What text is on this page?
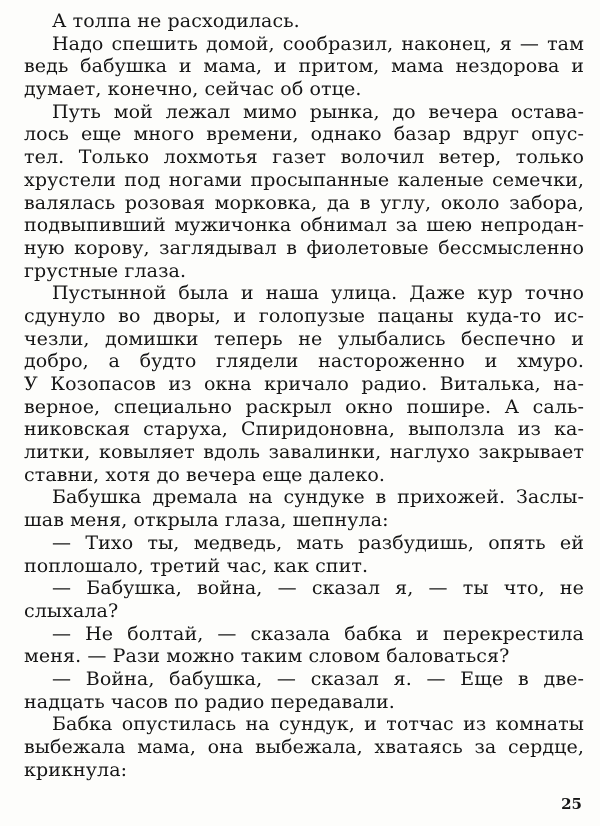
А толпа не расходилась.
Надо спешить домой, сообразил, наконец, я — там
ведь бабушка и мама, и притом, мама нездорова и
думает, конечно, сейчас об отце.
Путь мой лежал мимо рынка, до вечера остава-
лось еще много времени, однако базар вдруг опус-
тел. Только лохмотья газет волочил ветер, только
хрустели под ногами просыпанные каленые семечки,
валялась розовая морковка, да в углу, около забора,
подвыпивший мужичонка обнимал за шею непродан-
ную корову, заглядывал в фиолетовые бессмысленно
грустные глаза.
Пустынной была и наша улица. Даже кур точно
сдунуло во дворы, и голопузые пацаны куда-то ис-
чезли, домишки теперь не улыбались беспечно и
добро, а будто глядели настороженно и хмуро.
У Козопасов из окна кричало радио. Виталька, на-
верное, специально раскрыл окно пошире. А саль-
никовская старуха, Спиридоновна, выползла из ка-
литки, ковыляет вдоль завалинки, наглухо закрывает
ставни, хотя до вечера еще далеко.
Бабушка дремала на сундуке в прихожей. Заслы-
шав меня, открыла глаза, шепнула:
— Тихо ты, медведь, мать разбудишь, опять ей
поплошало, третий час, как спит.
— Бабушка, война, — сказал я, — ты что, не
слыхала?
— Не болтай, — сказала бабка и перекрестила
меня. — Рази можно таким словом баловаться?
— Война, бабушка, — сказал я. — Еще в две-
надцать часов по радио передавали.
Бабка опустилась на сундук, и тотчас из комнаты
выбежала мама, она выбежала, хватаясь за сердце,
крикнула:
25
